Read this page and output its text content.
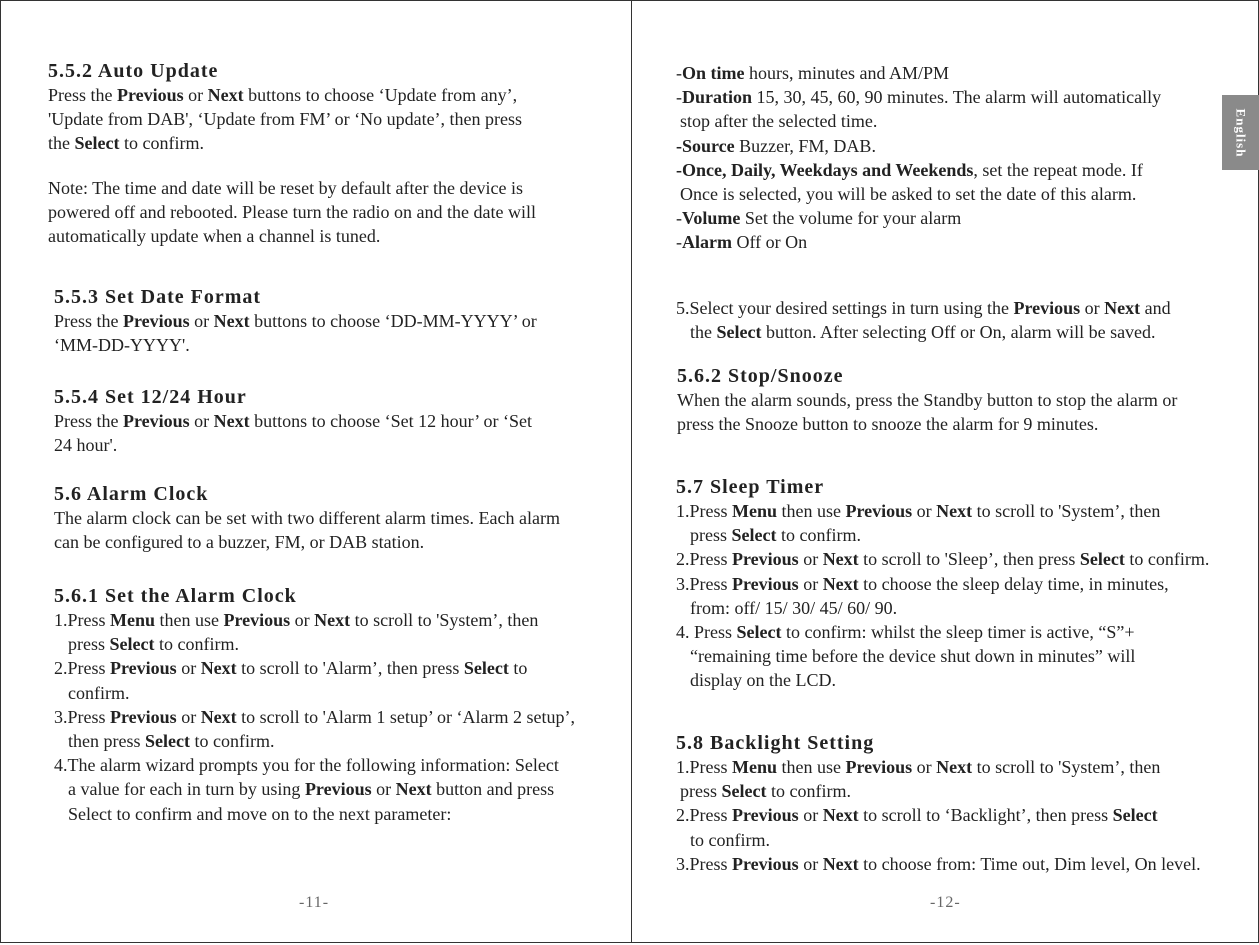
5.5.2 Auto Update

Press the Previous or Next buttons to choose ‘Update from any’,

'Update from DAB', ‘Update from FM’ or ‘No update’, then press

the Select to confirm.

Note: The time and date will be reset by default after the device is

powered off and rebooted. Please turn the radio on and the date will

automatically update when a channel is tuned.

5.5.3 Set Date Format

Press the Previous or Next buttons to choose ‘DD-MM-YYYY’ or

‘MM-DD-YYYY'.

5.5.4 Set 12/24 Hour

Press the Previous or Next buttons to choose ‘Set 12 hour’ or ‘Set

24 hour'.

5.6 Alarm Clock

The alarm clock can be set with two different alarm times. Each alarm

can be configured to a buzzer, FM, or DAB station.

5.6.1 Set the Alarm Clock

1.Press Menu then use Previous or Next to scroll to 'System’, then

press Select to confirm.

2.Press Previous or Next to scroll to 'Alarm’, then press Select to

confirm.

3.Press Previous or Next to scroll to 'Alarm 1 setup’ or ‘Alarm 2 setup’,

then press Select to confirm.

4.The alarm wizard prompts you for the following information: Select

a value for each in turn by using Previous or Next button and press

Select to confirm and move on to the next parameter:

-11-

-On time hours, minutes and AM/PM

-Duration 15, 30, 45, 60, 90 minutes. The alarm will automatically

stop after the selected time.

-Source Buzzer, FM, DAB.

-Once, Daily, Weekdays and Weekends, set the repeat mode. If

Once is selected, you will be asked to set the date of this alarm.

-Volume Set the volume for your alarm

-Alarm Off or On

5.Select your desired settings in turn using the Previous or Next and

the Select button. After selecting Off or On, alarm will be saved.

5.6.2 Stop/Snooze

When the alarm sounds, press the Standby button to stop the alarm or

press the Snooze button to snooze the alarm for 9 minutes.

5.7 Sleep Timer

1.Press Menu then use Previous or Next to scroll to 'System’, then

press Select to confirm.

2.Press Previous or Next to scroll to 'Sleep’, then press Select to confirm.

3.Press Previous or Next to choose the sleep delay time, in minutes,

from: off/ 15/ 30/ 45/ 60/ 90.

4. Press Select to confirm: whilst the sleep timer is active, “S”+

“remaining time before the device shut down in minutes” will

display on the LCD.

5.8 Backlight Setting

1.Press Menu then use Previous or Next to scroll to 'System’, then

press Select to confirm.

2.Press Previous or Next to scroll to ‘Backlight’, then press Select

to confirm.

3.Press Previous or Next to choose from: Time out, Dim level, On level.

English
-12-
